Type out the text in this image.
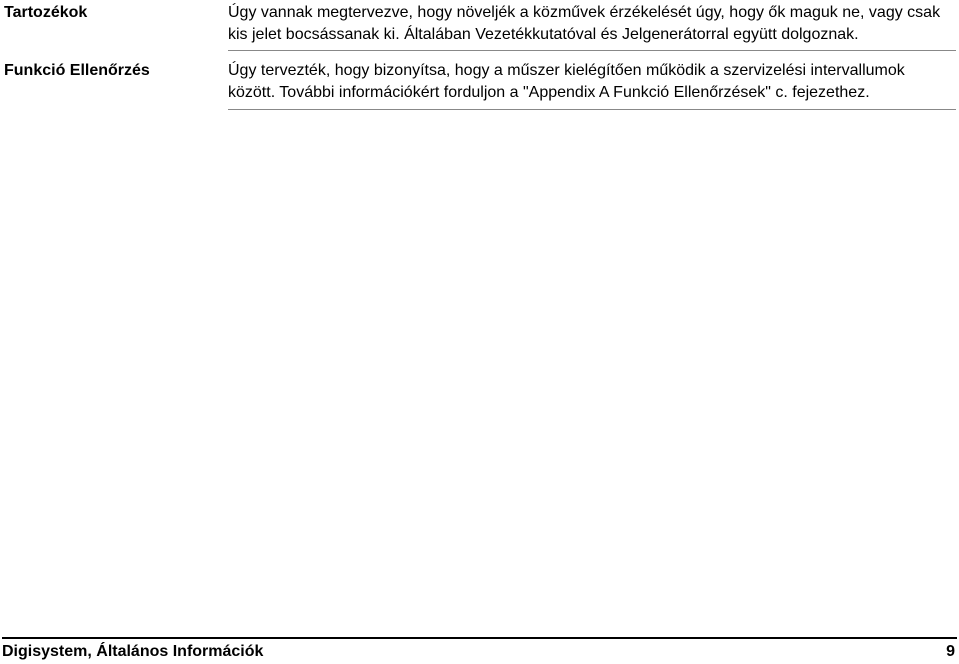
Tartozékok	Úgy vannak megtervezve, hogy növeljék a közművek érzékelését úgy, hogy ők maguk ne, vagy csak kis jelet bocsássanak ki. Általában Vezetékkutatóval és Jelgenerátorral együtt dolgoznak.
Funkció Ellenőrzés	Úgy tervezték, hogy bizonyítsa, hogy a műszer kielégítően működik a szervizelési intervallumok között. További információkért forduljon a "Appendix A Funkció Ellenőrzések" c. fejezethez.
Digisystem, Általános Információk	9
